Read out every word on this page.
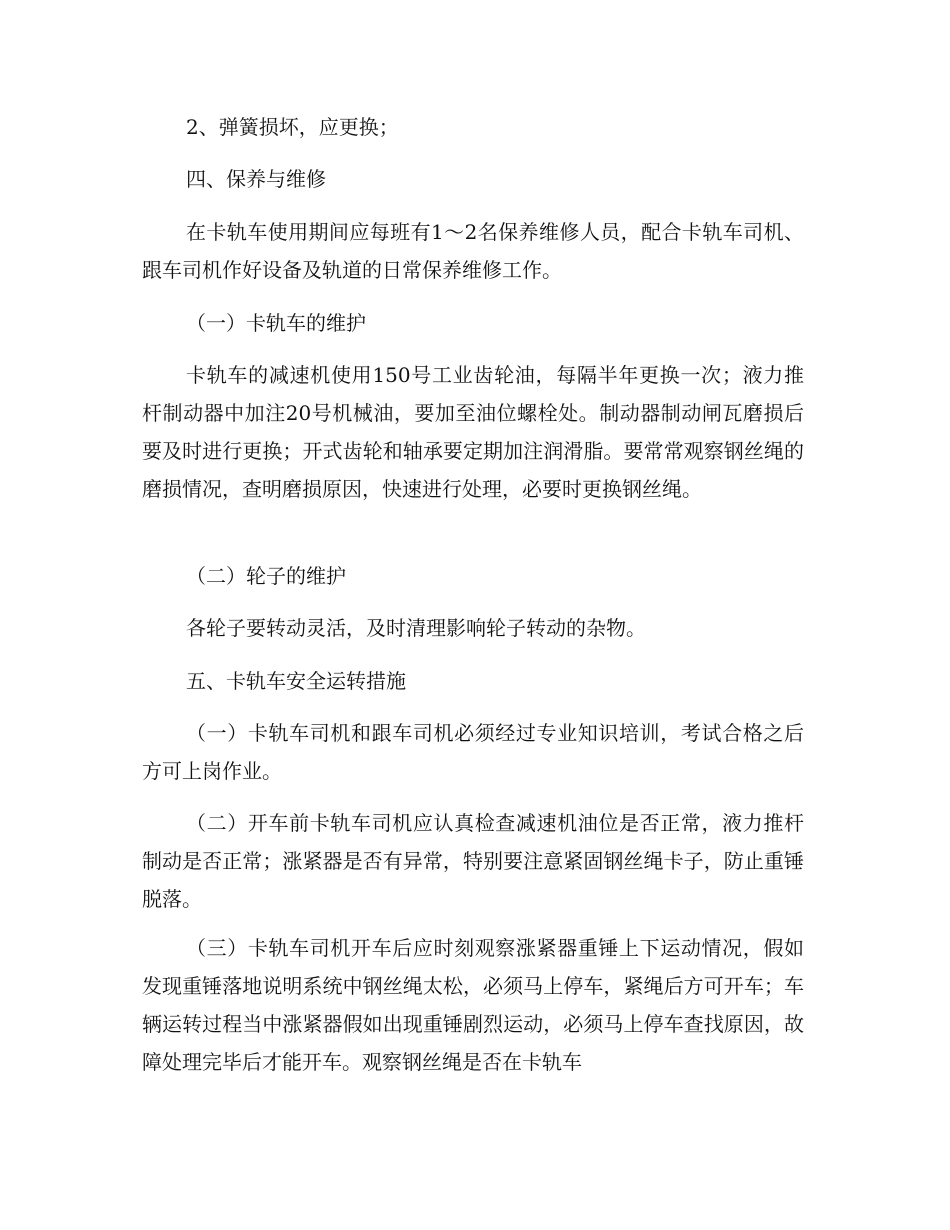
2、弹簧损坏，应更换；

四、保养与维修

在卡轨车使用期间应每班有1～2名保养维修人员，配合卡轨车司机、跟车司机作好设备及轨道的日常保养维修工作。

（一）卡轨车的维护

卡轨车的减速机使用150号工业齿轮油，每隔半年更换一次；液力推杆制动器中加注20号机械油，要加至油位螺栓处。制动器制动闸瓦磨损后要及时进行更换；开式齿轮和轴承要定期加注润滑脂。要常常观察钢丝绳的磨损情况，查明磨损原因，快速进行处理，必要时更换钢丝绳。

（二）轮子的维护

各轮子要转动灵活，及时清理影响轮子转动的杂物。

五、卡轨车安全运转措施

（一）卡轨车司机和跟车司机必须经过专业知识培训，考试合格之后方可上岗作业。

（二）开车前卡轨车司机应认真检查减速机油位是否正常，液力推杆制动是否正常；涨紧器是否有异常，特别要注意紧固钢丝绳卡子，防止重锤脱落。

（三）卡轨车司机开车后应时刻观察涨紧器重锤上下运动情况，假如发现重锤落地说明系统中钢丝绳太松，必须马上停车，紧绳后方可开车；车辆运转过程当中涨紧器假如出现重锤剧烈运动，必须马上停车查找原因，故障处理完毕后才能开车。观察钢丝绳是否在卡轨车
